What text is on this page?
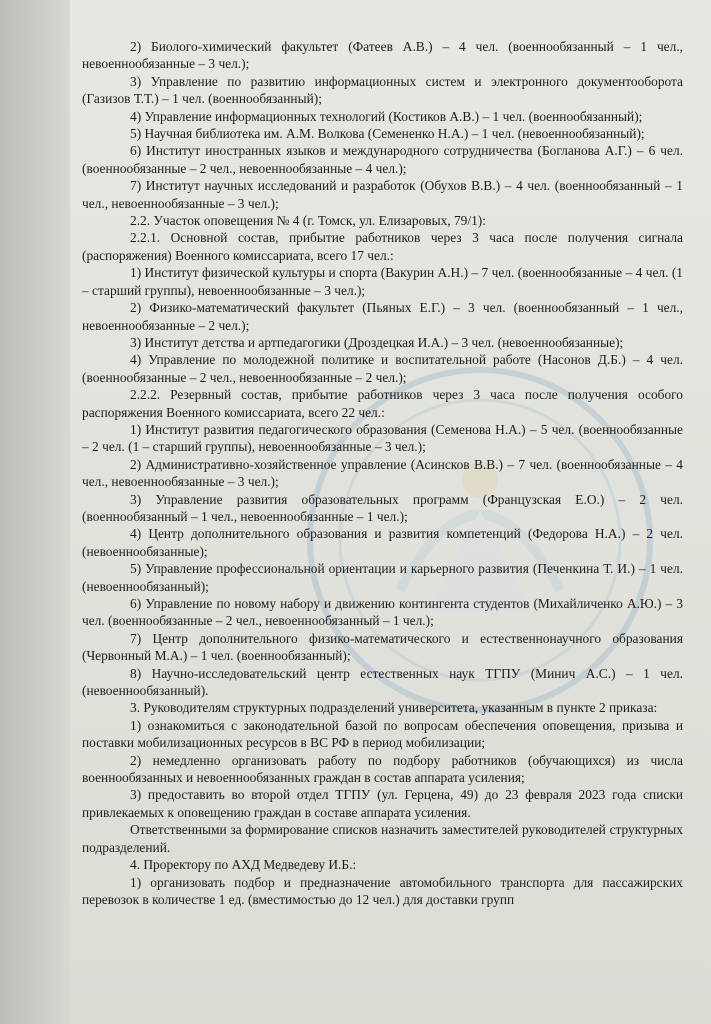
2) Биолого-химический факультет (Фатеев А.В.) – 4 чел. (военнообязанный – 1 чел., невоеннообязанные – 3 чел.);

3) Управление по развитию информационных систем и электронного документооборота (Газизов Т.Т.) – 1 чел. (военнообязанный);

4) Управление информационных технологий (Костиков А.В.) – 1 чел. (военнообязанный);

5) Научная библиотека им. А.М. Волкова (Семененко Н.А.) – 1 чел. (невоеннообязанный);

6) Институт иностранных языков и международного сотрудничества (Богланова А.Г.) – 6 чел. (военнообязанные – 2 чел., невоеннообязанные – 4 чел.);

7) Институт научных исследований и разработок (Обухов В.В.) – 4 чел. (военнообязанный – 1 чел., невоеннообязанные – 3 чел.);

2.2. Участок оповещения № 4 (г. Томск, ул. Елизаровых, 79/1):

2.2.1. Основной состав, прибытие работников через 3 часа после получения сигнала (распоряжения) Военного комиссариата, всего 17 чел.:

1) Институт физической культуры и спорта (Вакурин А.Н.) – 7 чел. (военнообязанные – 4 чел. (1 – старший группы), невоеннообязанные – 3 чел.);

2) Физико-математический факультет (Пьяных Е.Г.) – 3 чел. (военнообязанный – 1 чел., невоеннообязанные – 2 чел.);

3) Институт детства и артпедагогики (Дроздецкая И.А.) – 3 чел. (невоеннообязанные);

4) Управление по молодежной политике и воспитательной работе (Насонов Д.Б.) – 4 чел. (военнообязанные – 2 чел., невоеннообязанные – 2 чел.);

2.2.2. Резервный состав, прибытие работников через 3 часа после получения особого распоряжения Военного комиссариата, всего 22 чел.:

1) Институт развития педагогического образования (Семенова Н.А.) – 5 чел. (военнообязанные – 2 чел. (1 – старший группы), невоеннообязанные – 3 чел.);

2) Административно-хозяйственное управление (Асинсков В.В.) – 7 чел. (военнообязанные – 4 чел., невоеннообязанные – 3 чел.);

3) Управление развития образовательных программ (Французская Е.О.) – 2 чел. (военнообязанный – 1 чел., невоеннообязанные – 1 чел.);

4) Центр дополнительного образования и развития компетенций (Федорова Н.А.) – 2 чел. (невоеннообязанные);

5) Управление профессиональной ориентации и карьерного развития (Печенкина Т. И.) – 1 чел. (невоеннообязанный);

6) Управление по новому набору и движению контингента студентов (Михайличенко А.Ю.) – 3 чел. (военнообязанные – 2 чел., невоеннообязанный – 1 чел.);

7) Центр дополнительного физико-математического и естественнонаучного образования (Червонный М.А.) – 1 чел. (военнообязанный);

8) Научно-исследовательский центр естественных наук ТГПУ (Минич А.С.) – 1 чел. (невоеннообязанный).

3. Руководителям структурных подразделений университета, указанным в пункте 2 приказа:

1) ознакомиться с законодательной базой по вопросам обеспечения оповещения, призыва и поставки мобилизационных ресурсов в ВС РФ в период мобилизации;

2) немедленно организовать работу по подбору работников (обучающихся) из числа военнообязанных и невоеннообязанных граждан в состав аппарата усиления;

3) предоставить во второй отдел ТГПУ (ул. Герцена, 49) до 23 февраля 2023 года списки привлекаемых к оповещению граждан в составе аппарата усиления.

Ответственными за формирование списков назначить заместителей руководителей структурных подразделений.

4. Проректору по АХД Медведеву И.Б.:

1) организовать подбор и предназначение автомобильного транспорта для пассажирских перевозок в количестве 1 ед. (вместимостью до 12 чел.) для доставки групп
